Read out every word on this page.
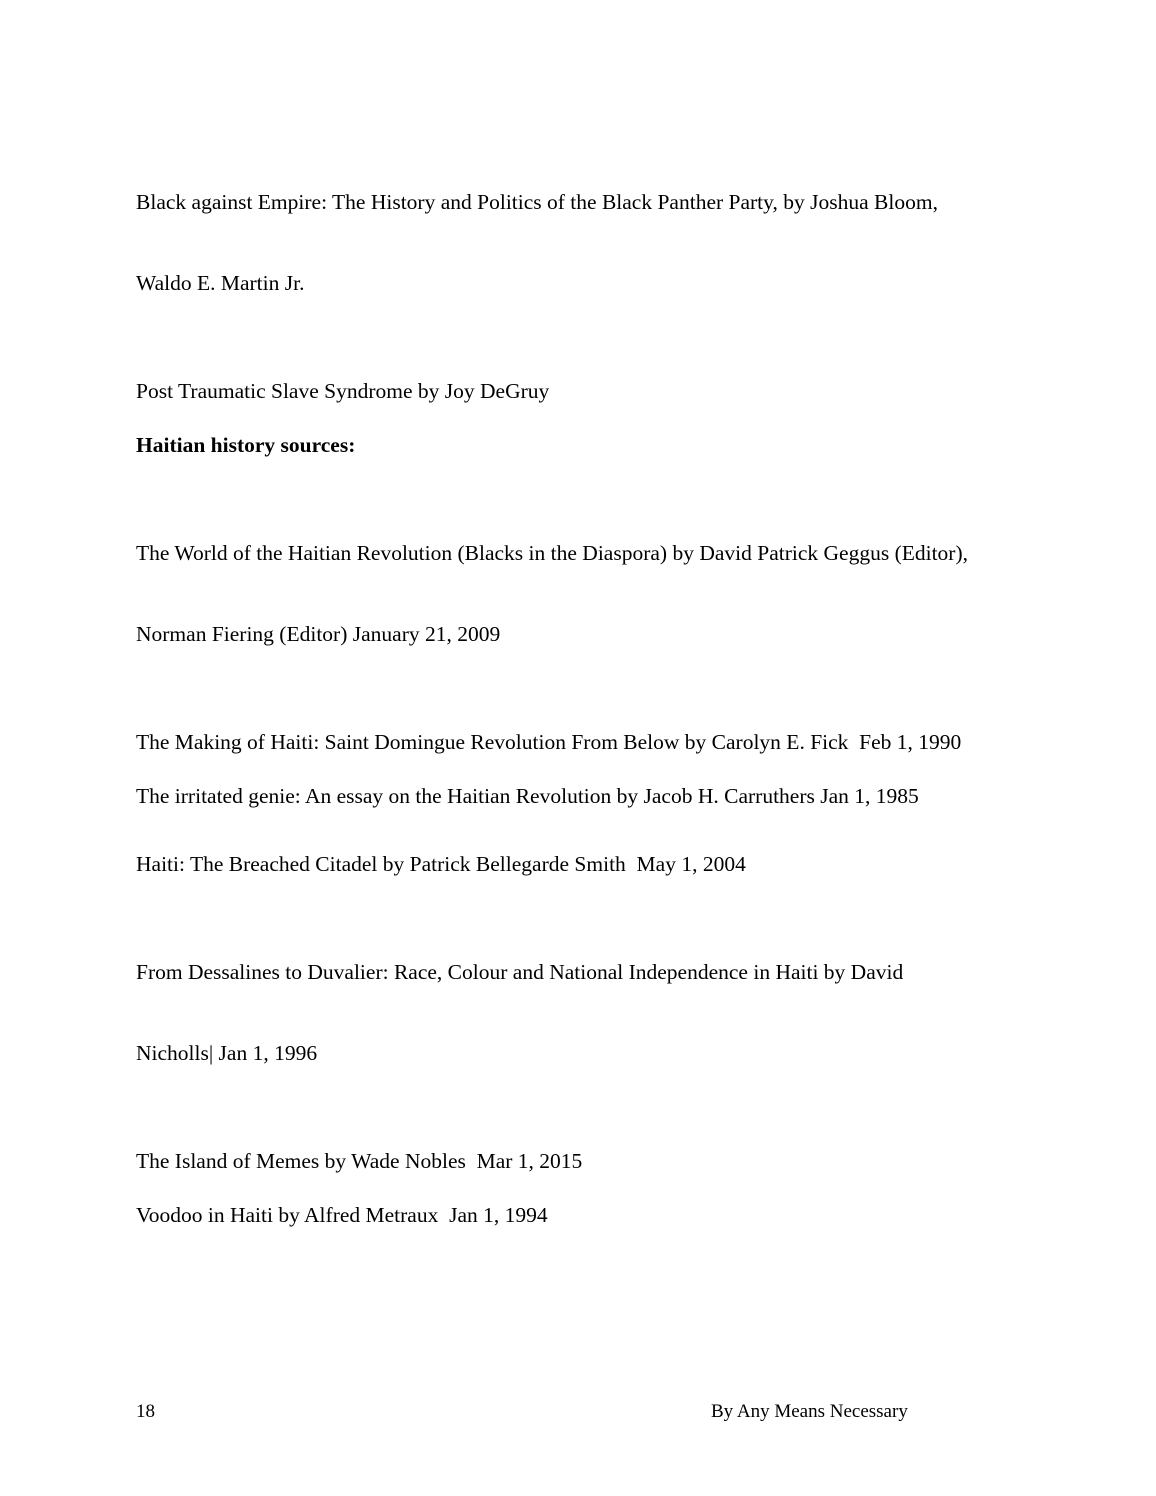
Black against Empire: The History and Politics of the Black Panther Party, by Joshua Bloom,

Waldo E. Martin Jr.

Post Traumatic Slave Syndrome by Joy DeGruy
Haitian history sources:

The World of the Haitian Revolution (Blacks in the Diaspora) by David Patrick Geggus (Editor),

Norman Fiering (Editor) January 21, 2009

The Making of Haiti: Saint Domingue Revolution From Below by Carolyn E. Fick  Feb 1, 1990
The irritated genie: An essay on the Haitian Revolution by Jacob H. Carruthers Jan 1, 1985
Haiti: The Breached Citadel by Patrick Bellegarde Smith  May 1, 2004

From Dessalines to Duvalier: Race, Colour and National Independence in Haiti by David

Nicholls| Jan 1, 1996

The Island of Memes by Wade Nobles  Mar 1, 2015
Voodoo in Haiti by Alfred Metraux  Jan 1, 1994
18	By Any Means Necessary
